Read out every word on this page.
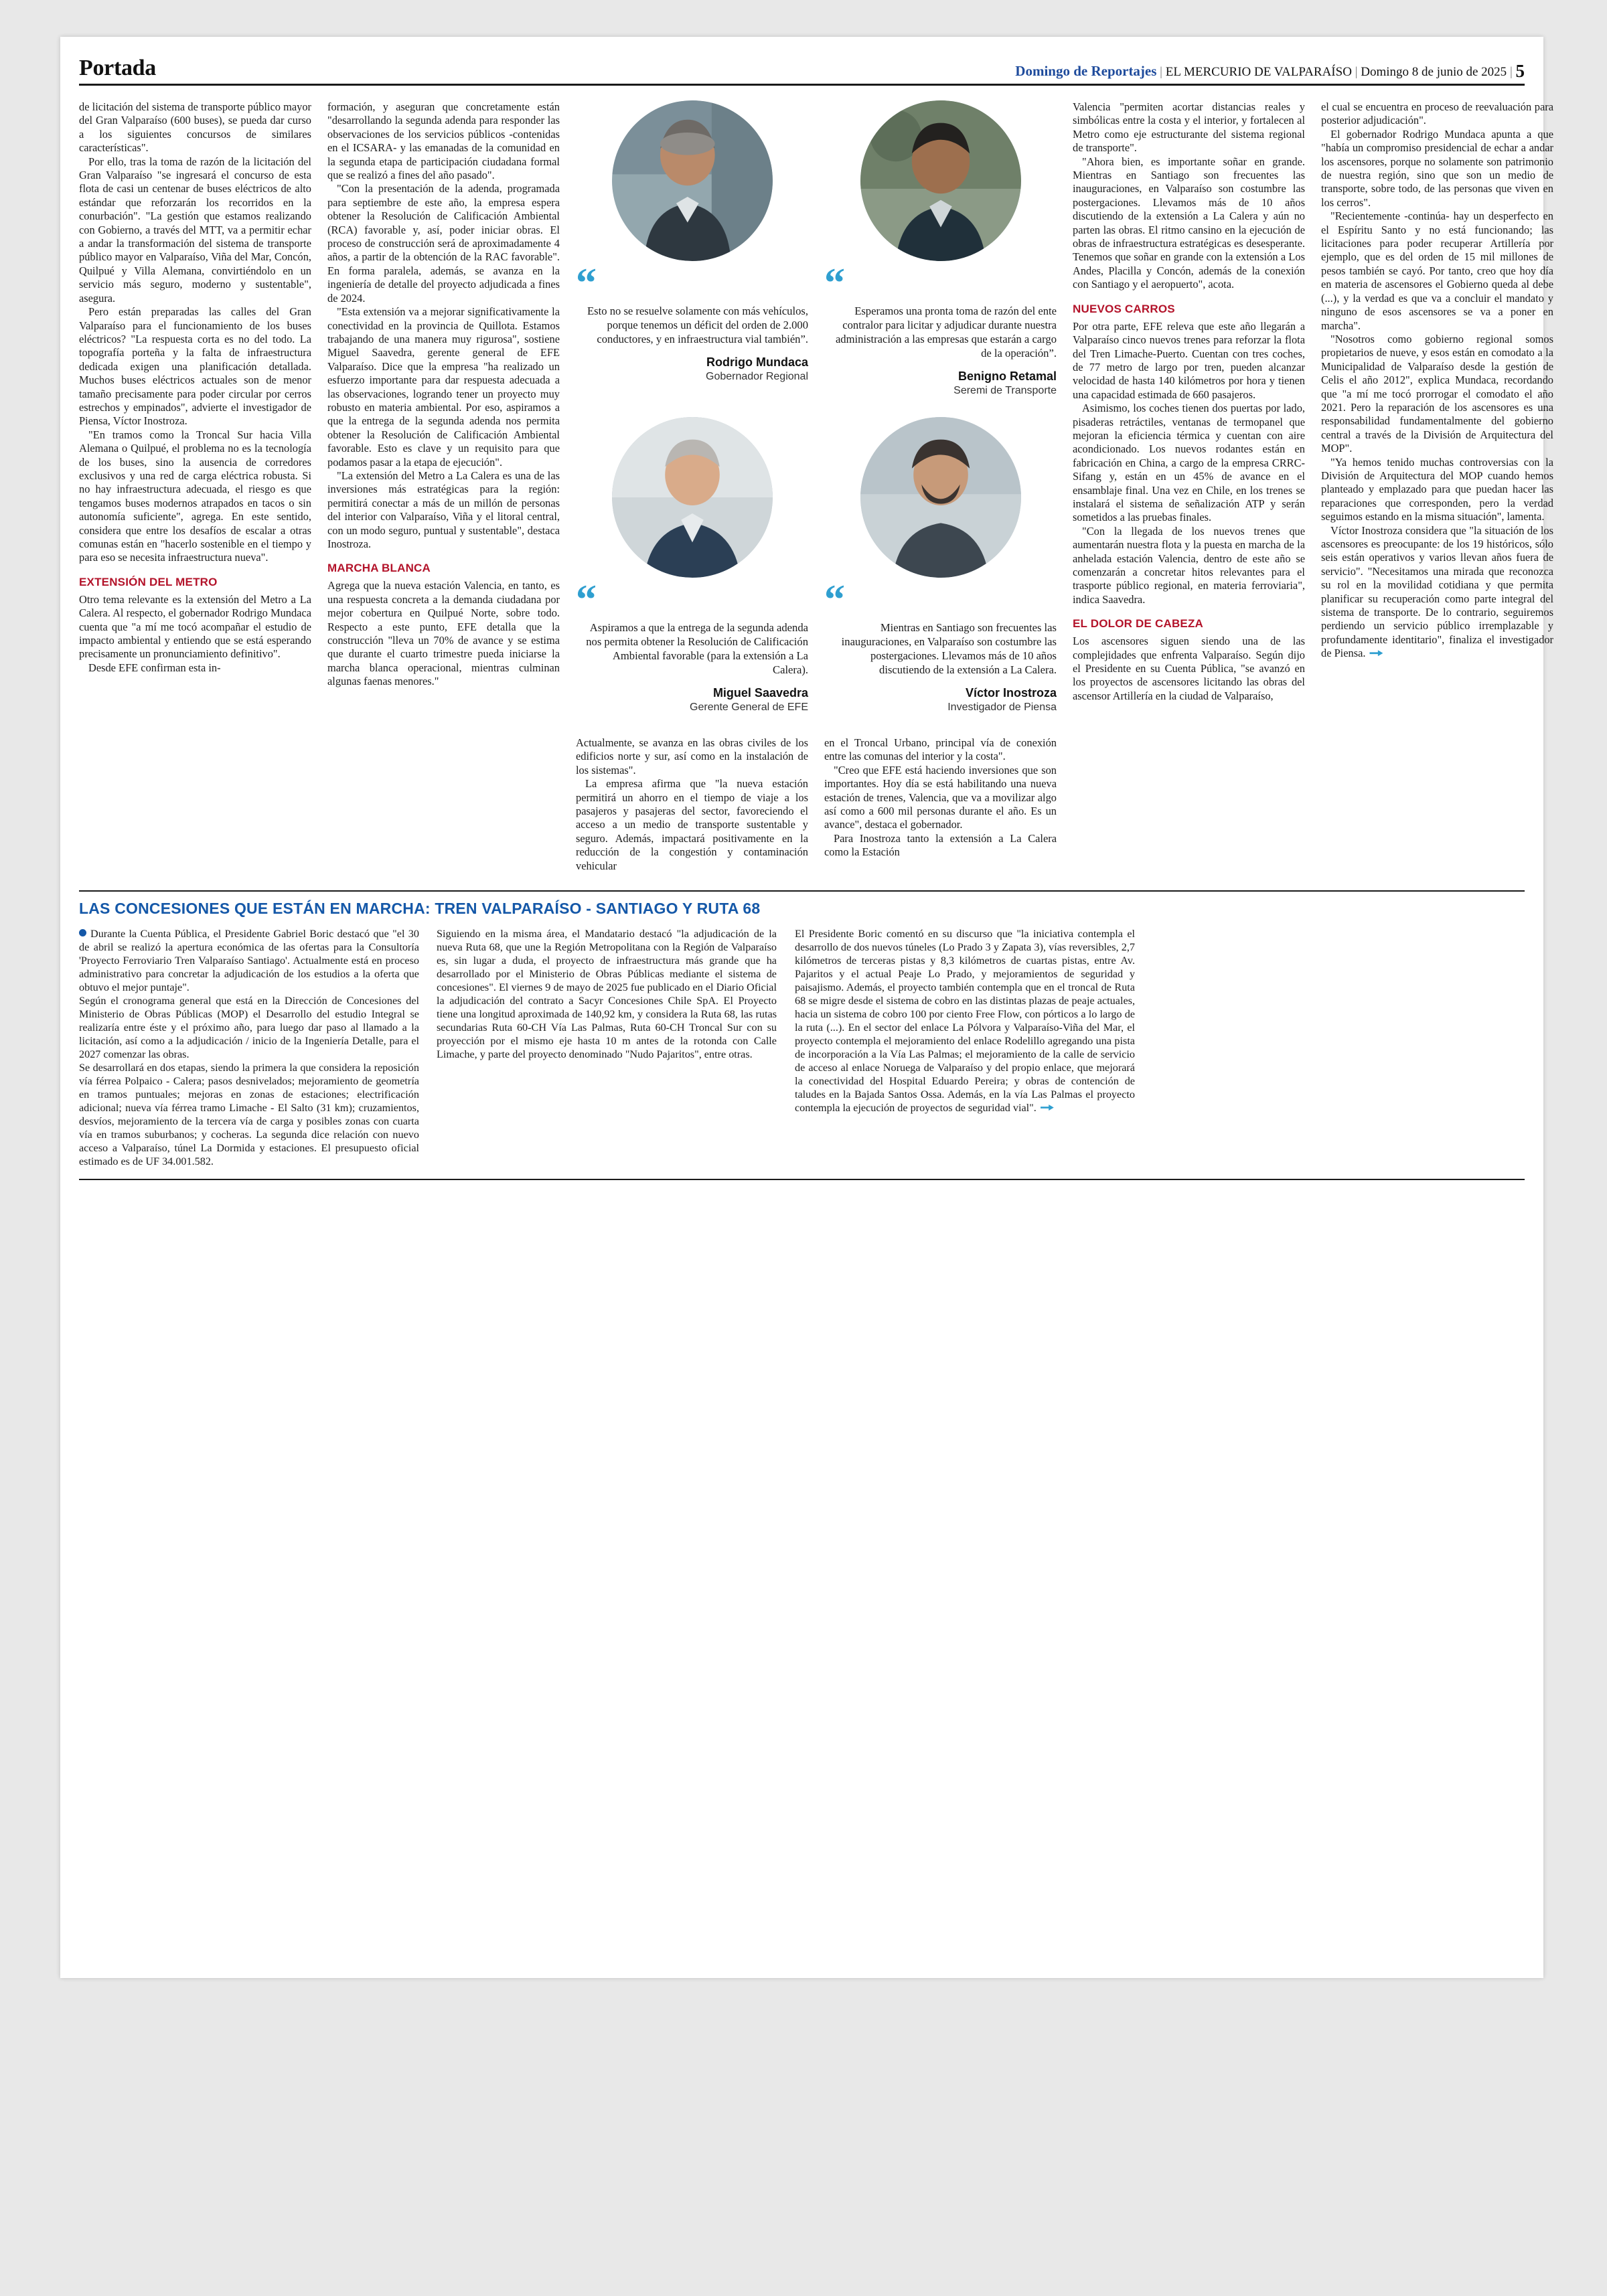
Portada	Domingo de Reportajes | EL MERCURIO DE VALPARAÍSO | Domingo 8 de junio de 2025 | 5

de licitación del sistema de transporte público mayor del Gran Valparaíso (600 buses), se pueda dar curso a los siguientes concursos de similares características".

Por ello, tras la toma de razón de la licitación del Gran Valparaíso "se ingresará el concurso de esta flota de casi un centenar de buses eléctricos de alto estándar que reforzarán los recorridos en la conurbación". "La gestión que estamos realizando con Gobierno, a través del MTT, va a permitir echar a andar la transformación del sistema de transporte público mayor en Valparaíso, Viña del Mar, Concón, Quilpué y Villa Alemana, convirtiéndolo en un servicio más seguro, moderno y sustentable", asegura.

Pero están preparadas las calles del Gran Valparaíso para el funcionamiento de los buses eléctricos? "La respuesta corta es no del todo. La topografía porteña y la falta de infraestructura dedicada exigen una planificación detallada. Muchos buses eléctricos actuales son de menor tamaño precisamente para poder circular por cerros estrechos y empinados", advierte el investigador de Piensa, Víctor Inostroza.

"En tramos como la Troncal Sur hacia Villa Alemana o Quilpué, el problema no es la tecnología de los buses, sino la ausencia de corredores exclusivos y una red de carga eléctrica robusta. Si no hay infraestructura adecuada, el riesgo es que tengamos buses modernos atrapados en tacos o sin autonomía suficiente", agrega. En este sentido, considera que entre los desafíos de escalar a otras comunas están en "hacerlo sostenible en el tiempo y para eso se necesita infraestructura nueva".

EXTENSIÓN DEL METRO

Otro tema relevante es la extensión del Metro a La Calera. Al respecto, el gobernador Rodrigo Mundaca cuenta que "a mí me tocó acompañar el estudio de impacto ambiental y entiendo que se está esperando precisamente un pronunciamiento definitivo".

Desde EFE confirman esta in-

formación, y aseguran que concretamente están "desarrollando la segunda adenda para responder las observaciones de los servicios públicos -contenidas en el ICSARA- y las emanadas de la comunidad en la segunda etapa de participación ciudadana formal que se realizó a fines del año pasado".

"Con la presentación de la adenda, programada para septiembre de este año, la empresa espera obtener la Resolución de Calificación Ambiental (RCA) favorable y, así, poder iniciar obras. El proceso de construcción será de aproximadamente 4 años, a partir de la obtención de la RAC favorable". En forma paralela, además, se avanza en la ingeniería de detalle del proyecto adjudicada a fines de 2024.

"Esta extensión va a mejorar significativamente la conectividad en la provincia de Quillota. Estamos trabajando de una manera muy rigurosa", sostiene Miguel Saavedra, gerente general de EFE Valparaíso. Dice que la empresa "ha realizado un esfuerzo importante para dar respuesta adecuada a las observaciones, logrando tener un proyecto muy robusto en materia ambiental. Por eso, aspiramos a que la entrega de la segunda adenda nos permita obtener la Resolución de Calificación Ambiental favorable. Esto es clave y un requisito para que podamos pasar a la etapa de ejecución".

"La extensión del Metro a La Calera es una de las inversiones más estratégicas para la región: permitirá conectar a más de un millón de personas del interior con Valparaíso, Viña y el litoral central, con un modo seguro, puntual y sustentable", destaca Inostroza.

MARCHA BLANCA

Agrega que la nueva estación Valencia, en tanto, es una respuesta concreta a la demanda ciudadana por mejor cobertura en Quilpué Norte, sobre todo. Respecto a este punto, EFE detalla que la construcción "lleva un 70% de avance y se estima que durante el cuarto trimestre pueda iniciarse la marcha blanca operacional, mientras culminan algunas faenas menores."

“
Esto no se resuelve solamente con más vehículos, porque tenemos un déficit del orden de 2.000 conductores, y en infraestructura vial también”.
Rodrigo Mundaca
Gobernador Regional
“
Esperamos una pronta toma de razón del ente contralor para licitar y adjudicar durante nuestra administración a las empresas que estarán a cargo de la operación”.
Benigno Retamal
Seremi de Transporte
“
Aspiramos a que la entrega de la segunda adenda nos permita obtener la Resolución de Calificación Ambiental favorable (para la extensión a La Calera).
Miguel Saavedra
Gerente General de EFE
“
Mientras en Santiago son frecuentes las inauguraciones, en Valparaíso son costumbre las postergaciones. Llevamos más de 10 años discutiendo de la extensión a La Calera.
Víctor Inostroza
Investigador de Piensa

Actualmente, se avanza en las obras civiles de los edificios norte y sur, así como en la instalación de los sistemas".

La empresa afirma que "la nueva estación permitirá un ahorro en el tiempo de viaje a los pasajeros y pasajeras del sector, favoreciendo el acceso a un medio de transporte sustentable y seguro. Además, impactará positivamente en la reducción de la congestión y contaminación vehicular

en el Troncal Urbano, principal vía de conexión entre las comunas del interior y la costa".

"Creo que EFE está haciendo inversiones que son importantes. Hoy día se está habilitando una nueva estación de trenes, Valencia, que va a movilizar algo así como a 600 mil personas durante el año. Es un avance", destaca el gobernador.

Para Inostroza tanto la extensión a La Calera como la Estación

Valencia "permiten acortar distancias reales y simbólicas entre la costa y el interior, y fortalecen al Metro como eje estructurante del sistema regional de transporte".

"Ahora bien, es importante soñar en grande. Mientras en Santiago son frecuentes las inauguraciones, en Valparaíso son costumbre las postergaciones. Llevamos más de 10 años discutiendo de la extensión a La Calera y aún no parten las obras. El ritmo cansino en la ejecución de obras de infraestructura estratégicas es desesperante. Tenemos que soñar en grande con la extensión a Los Andes, Placilla y Concón, además de la conexión con Santiago y el aeropuerto", acota.

NUEVOS CARROS

Por otra parte, EFE releva que este año llegarán a Valparaíso cinco nuevos trenes para reforzar la flota del Tren Limache-Puerto. Cuentan con tres coches, de 77 metro de largo por tren, pueden alcanzar velocidad de hasta 140 kilómetros por hora y tienen una capacidad estimada de 660 pasajeros.

Asimismo, los coches tienen dos puertas por lado, pisaderas retráctiles, ventanas de termopanel que mejoran la eficiencia térmica y cuentan con aire acondicionado. Los nuevos rodantes están en fabricación en China, a cargo de la empresa CRRC-Sifang y, están en un 45% de avance en el ensamblaje final. Una vez en Chile, en los trenes se instalará el sistema de señalización ATP y serán sometidos a las pruebas finales.

"Con la llegada de los nuevos trenes que aumentarán nuestra flota y la puesta en marcha de la anhelada estación Valencia, dentro de este año se comenzarán a concretar hitos relevantes para el trasporte público regional, en materia ferroviaria", indica Saavedra.

EL DOLOR DE CABEZA

Los ascensores siguen siendo una de las complejidades que enfrenta Valparaíso. Según dijo el Presidente en su Cuenta Pública, "se avanzó en los proyectos de ascensores licitando las obras del ascensor Artillería en la ciudad de Valparaíso,

el cual se encuentra en proceso de reevaluación para posterior adjudicación".

El gobernador Rodrigo Mundaca apunta a que "había un compromiso presidencial de echar a andar los ascensores, porque no solamente son patrimonio de nuestra región, sino que son un medio de transporte, sobre todo, de las personas que viven en los cerros".

"Recientemente -continúa- hay un desperfecto en el Espíritu Santo y no está funcionando; las licitaciones para poder recuperar Artillería por ejemplo, que es del orden de 15 mil millones de pesos también se cayó. Por tanto, creo que hoy día en materia de ascensores el Gobierno queda al debe (...), y la verdad es que va a concluir el mandato y ninguno de esos ascensores se va a poner en marcha".

"Nosotros como gobierno regional somos propietarios de nueve, y esos están en comodato a la Municipalidad de Valparaíso desde la gestión de Celis el año 2012", explica Mundaca, recordando que "a mí me tocó prorrogar el comodato el año 2021. Pero la reparación de los ascensores es una responsabilidad fundamentalmente del gobierno central a través de la División de Arquitectura del MOP".

"Ya hemos tenido muchas controversias con la División de Arquitectura del MOP cuando hemos planteado y emplazado para que puedan hacer las reparaciones que corresponden, pero la verdad seguimos estando en la misma situación", lamenta.

Víctor Inostroza considera que "la situación de los ascensores es preocupante: de los 19 históricos, sólo seis están operativos y varios llevan años fuera de servicio". "Necesitamos una mirada que reconozca su rol en la movilidad cotidiana y que permita planificar su recuperación como parte integral del sistema de transporte. De lo contrario, seguiremos perdiendo un servicio público irremplazable y profundamente identitario", finaliza el investigador de Piensa.

LAS CONCESIONES QUE ESTÁN EN MARCHA: TREN VALPARAÍSO - SANTIAGO Y RUTA 68

Durante la Cuenta Pública, el Presidente Gabriel Boric destacó que "el 30 de abril se realizó la apertura económica de las ofertas para la Consultoría 'Proyecto Ferroviario Tren Valparaíso Santiago'. Actualmente está en proceso administrativo para concretar la adjudicación de los estudios a la oferta que obtuvo el mejor puntaje".

Según el cronograma general que está en la Dirección de Concesiones del Ministerio de Obras Públicas (MOP) el Desarrollo del estudio Integral se realizaría entre éste y el próximo año, para luego dar paso al llamado a la licitación, así como a la adjudicación / inicio de la Ingeniería Detalle, para el 2027 comenzar las obras.

Se desarrollará en dos etapas, siendo la primera la que considera la reposición vía férrea Polpaico - Calera; pasos desnivelados; mejoramiento de geometría en tramos puntuales; mejoras en zonas de estaciones; electrificación adicional; nueva vía férrea tramo Limache - El Salto (31 km); cruzamientos, desvíos, mejoramiento de la tercera vía de carga y posibles zonas con cuarta vía en tramos suburbanos; y cocheras. La segunda dice relación con nuevo acceso a Valparaíso, túnel La Dormida y estaciones. El presupuesto oficial estimado es de UF 34.001.582.

Siguiendo en la misma área, el Mandatario destacó "la adjudicación de la nueva Ruta 68, que une la Región Metropolitana con la Región de Valparaíso es, sin lugar a duda, el proyecto de infraestructura más grande que ha desarrollado por el Ministerio de Obras Públicas mediante el sistema de concesiones". El viernes 9 de mayo de 2025 fue publicado en el Diario Oficial la adjudicación del contrato a Sacyr Concesiones Chile SpA. El Proyecto tiene una longitud aproximada de 140,92 km, y considera la Ruta 68, las rutas secundarias Ruta 60-CH Vía Las Palmas, Ruta 60-CH Troncal Sur con su proyección por el mismo eje hasta 10 m antes de la rotonda con Calle Limache, y parte del proyecto denominado "Nudo Pajaritos", entre otras.

El Presidente Boric comentó en su discurso que "la iniciativa contempla el desarrollo de dos nuevos túneles (Lo Prado 3 y Zapata 3), vías reversibles, 2,7 kilómetros de terceras pistas y 8,3 kilómetros de cuartas pistas, entre Av. Pajaritos y el actual Peaje Lo Prado, y mejoramientos de seguridad y paisajismo. Además, el proyecto también contempla que en el troncal de Ruta 68 se migre desde el sistema de cobro en las distintas plazas de peaje actuales, hacia un sistema de cobro 100 por ciento Free Flow, con pórticos a lo largo de la ruta (...). En el sector del enlace La Pólvora y Valparaíso-Viña del Mar, el proyecto contempla el mejoramiento del enlace Rodelillo agregando una pista de incorporación a la Vía Las Palmas; el mejoramiento de la calle de servicio de acceso al enlace Noruega de Valparaíso y del propio enlace, que mejorará la conectividad del Hospital Eduardo Pereira; y obras de contención de taludes en la Bajada Santos Ossa. Además, en la vía Las Palmas el proyecto contempla la ejecución de proyectos de seguridad vial".
